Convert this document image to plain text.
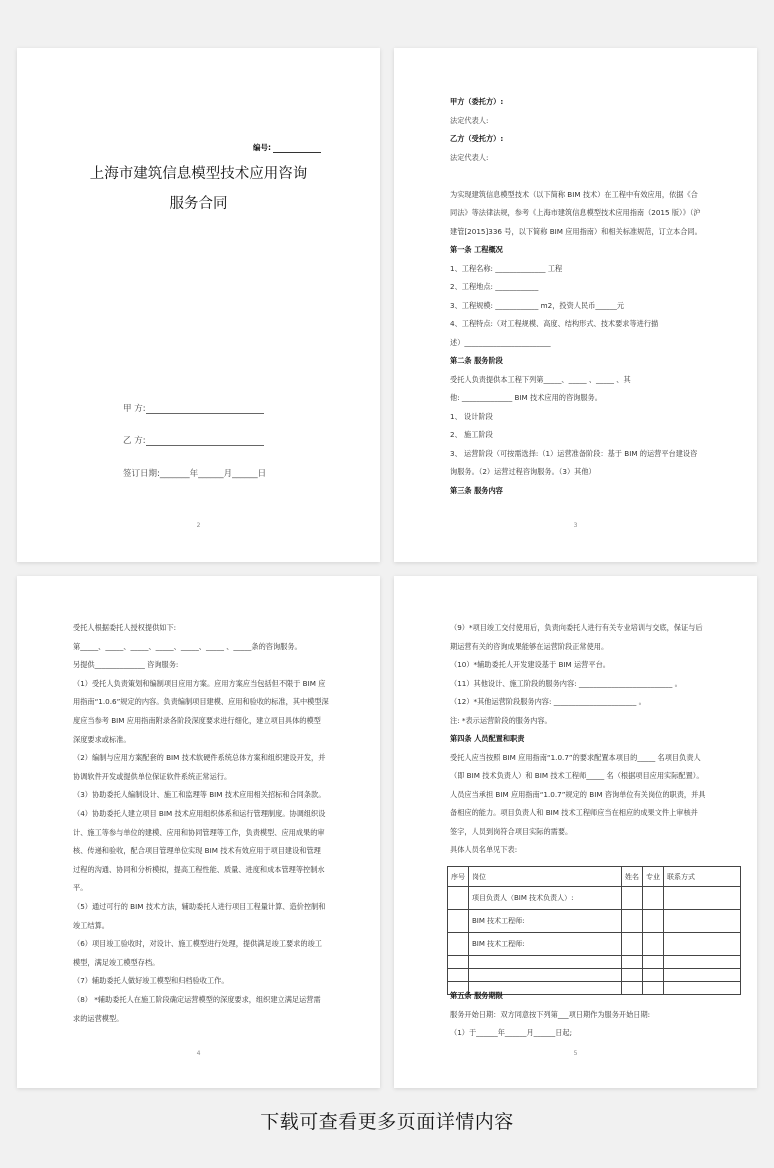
编号:
上海市建筑信息模型技术应用咨询
服务合同
甲 方:
乙 方:
签订日期:_______年______月______日
2
甲方（委托方）:
法定代表人:
乙方（受托方）:
法定代表人:
为实现建筑信息模型技术（以下简称 BIM 技术）在工程中有效应用，依据《合
同法》等法律法规，参考《上海市建筑信息模型技术应用指南（2015 版）》（沪
建管[2015]336 号，以下简称 BIM 应用指南）和相关标准规范，订立本合同。
第一条 工程概况
1、工程名称: ______________ 工程
2、工程地点: ____________
3、工程规模: ____________ m2，投资人民币______元
4、工程特点:（对工程规模、高度、结构形式、技术要求等进行描
述）________________________
第二条 服务阶段
受托人负责提供本工程下列第_____、_____ 、_____ 、其
他: ______________ BIM 技术应用的咨询服务。
1、 设计阶段
2、 施工阶段
3、 运营阶段（可按需选择:（1）运营准备阶段：基于 BIM 的运营平台建设咨
询服务。（2）运营过程咨询服务。（3）其他）
第三条 服务内容
3
受托人根据委托人授权提供如下:
第_____、_____、_____、_____、_____、_____ 、_____条的咨询服务。
另提供______________ 咨询服务:
（1）受托人负责策划和编制项目应用方案。应用方案应当包括但不限于 BIM 应
用指南“1.0.6”规定的内容。负责编制项目建模、应用和验收的标准，其中模型深
度应当参考 BIM 应用指南附录各阶段深度要求进行细化，建立项目具体的模型
深度要求或标准。
（2）编制与应用方案配套的 BIM 技术软硬件系统总体方案和组织建设开发，并
协调软件开发或提供单位保证软件系统正常运行。
（3）协助委托人编制设计、施工和监理等 BIM 技术应用相关招标和合同条款。
（4）协助委托人建立项目 BIM 技术应用组织体系和运行管理制度。协调组织设
计、施工等参与单位的建模、应用和协同管理等工作，负责模型、应用成果的审
核、传递和验收，配合项目管理单位实现 BIM 技术有效应用于项目建设和管理
过程的沟通、协同和分析模拟，提高工程性能、质量、进度和成本管理等控制水
平。
（5）通过可行的 BIM 技术方法，辅助委托人进行项目工程量计算、造价控制和
竣工结算。
（6）项目竣工验收时，对设计、施工模型进行处理，提供满足竣工要求的竣工
模型，满足竣工模型存档。
（7）辅助委托人做好竣工模型和归档验收工作。
（8） *辅助委托人在施工阶段确定运营模型的深度要求，组织建立满足运营需
求的运营模型。
4
（9）*项目竣工交付使用后，负责向委托人进行有关专业培训与交底，保证与后
期运营有关的咨询成果能够在运营阶段正常使用。
（10）*辅助委托人开发建设基于 BIM 运营平台。
（11）其他设计、施工阶段的服务内容: __________________________ 。
（12）*其他运营阶段服务内容: _______________________ 。
注: *表示运营阶段的服务内容。
第四条 人员配置和职责
受托人应当按照 BIM 应用指南“1.0.7”的要求配置本项目的_____ 名项目负责人
（即 BIM 技术负责人）和 BIM 技术工程师_____ 名（根据项目应用实际配置）。
人员应当承担 BIM 应用指南“1.0.7”规定的 BIM 咨询单位有关岗位的职责，并具
备相应的能力。项目负责人和 BIM 技术工程师应当在相应的成果文件上审核并
签字，人员到岗符合项目实际的需要。
具体人员名单见下表:
序号	岗位	姓名	专业	联系方式
	项目负责人（BIM 技术负责人）:			
	BIM 技术工程师:			
	BIM 技术工程师:			

第五条 服务期限
服务开始日期：双方同意按下列第___项日期作为服务开始日期:
（1）于______年______月______日起;
5
下载可查看更多页面详情内容
